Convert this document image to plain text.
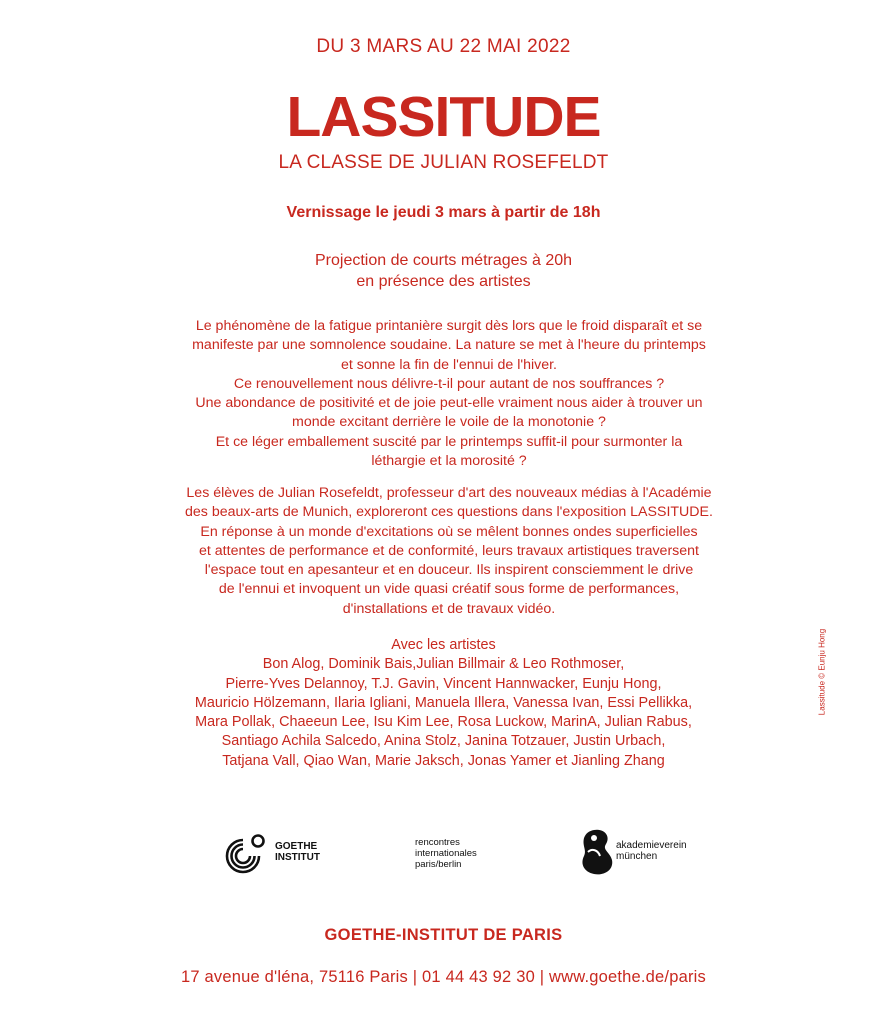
DU 3 MARS AU 22 MAI 2022
LASSITUDE
LA CLASSE DE JULIAN ROSEFELDT
Vernissage le jeudi 3 mars à partir de 18h
Projection de courts métrages à 20h
en présence des artistes
Le phénomène de la fatigue printanière surgit dès lors que le froid disparaît et se
manifeste par une somnolence soudaine. La nature se met à l'heure du printemps
et sonne la fin de l'ennui de l'hiver.
Ce renouvellement nous délivre-t-il pour autant de nos souffrances ?
Une abondance de positivité et de joie peut-elle vraiment nous aider à trouver un
monde excitant derrière le voile de la monotonie ?
Et ce léger emballement suscité par le printemps suffit-il pour surmonter la
léthargie et la morosité ?
Les élèves de Julian Rosefeldt, professeur d'art des nouveaux médias à l'Académie
des beaux-arts de Munich, exploreront ces questions dans l'exposition LASSITUDE.
En réponse à un monde d'excitations où se mêlent bonnes ondes superficielles
et attentes de performance et de conformité, leurs travaux artistiques traversent
l'espace tout en apesanteur et en douceur. Ils inspirent consciemment le drive
de l'ennui et invoquent un vide quasi créatif sous forme de performances,
d'installations et de travaux vidéo.
Avec les artistes
Bon Alog, Dominik Bais,Julian Billmair & Leo Rothmoser,
Pierre-Yves Delannoy, T.J. Gavin, Vincent Hannwacker, Eunju Hong,
Mauricio Hölzemann, Ilaria Igliani, Manuela Illera, Vanessa Ivan, Essi Pellikka,
Mara Pollak, Chaeeun Lee, Isu Kim Lee, Rosa Luckow, MarinA, Julian Rabus,
Santiago Achila Salcedo, Anina Stolz, Janina Totzauer, Justin Urbach,
Tatjana Vall, Qiao Wan, Marie Jaksch, Jonas Yamer et Jianling Zhang
Lassitude © Eunju Hong
GOETHE
INSTITUT
rencontres
internationales
paris/berlin
akademieverein
münchen
GOETHE-INSTITUT DE PARIS
17 avenue d'léna, 75116 Paris | 01 44 43 92 30 | www.goethe.de/paris
